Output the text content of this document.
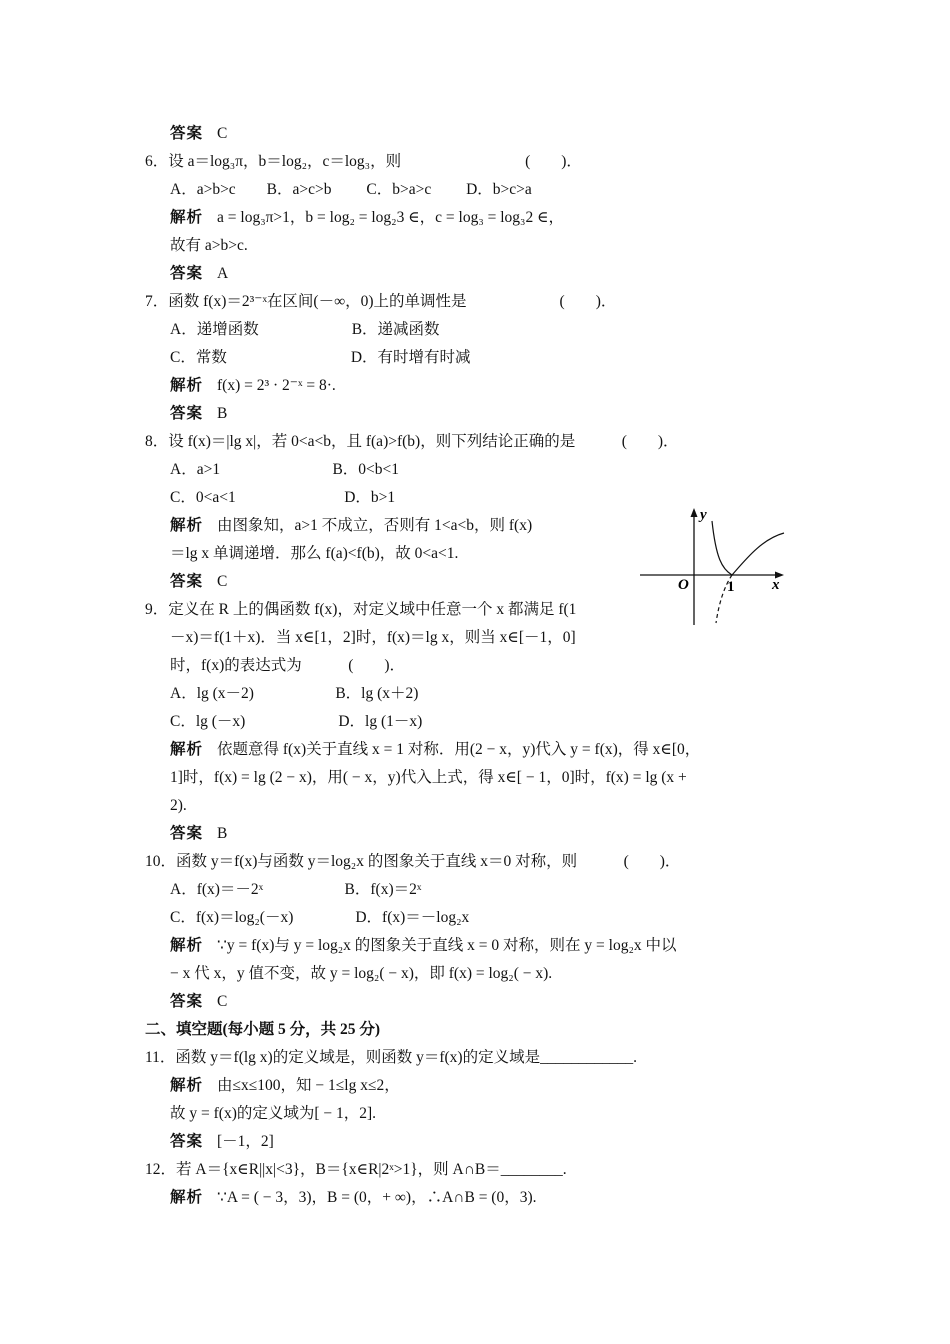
答案 C
6．设 a＝log₃π，b＝log₂，c＝log₃，则　　　　　　　　(　　)．
A．a>b>c　　B．a>c>b　　 C．b>a>c　　 D．b>c>a
解析 a = log₃π>1，b = log₂ = log₂3 ∈，c = log₃ = log₃2 ∈，
故有 a>b>c.
答案 A
7．函数 f(x)＝2³⁻ˣ在区间(－∞，0)上的单调性是　　　　　　(　　)．
A．递增函数　　　　　　B．递减函数
C．常数　　　　　　　　D．有时增有时减
解析 f(x) = 2³ · 2⁻ˣ = 8·.
答案 B
8．设 f(x)＝|lg x|，若 0<a<b，且 f(a)>f(b)，则下列结论正确的是　　　(　　)．
A．a>1　　　　　　　 B．0<b<1
C．0<a<1　　　　　　　D．b>1
解析 由图象知，a>1 不成立，否则有 1<a<b，则 f(x)
＝lg x 单调递增．那么 f(a)<f(b)，故 0<a<1.
答案 C
9．定义在 R 上的偶函数 f(x)，对定义域中任意一个 x 都满足 f(1
－x)＝f(1＋x)．当 x∈[1，2]时，f(x)＝lg x，则当 x∈[－1，0]
时，f(x)的表达式为　　　(　　)．
A．lg (x－2)　　　　　 B．lg (x＋2)
C．lg (－x)　　　　　　D．lg (1－x)
解析 依题意得 f(x)关于直线 x = 1 对称．用(2 − x，y)代入 y = f(x)，得 x∈[0，
1]时，f(x) = lg (2 − x)，用( − x，y)代入上式，得 x∈[ − 1，0]时，f(x) = lg (x +
2).
答案 B
10．函数 y＝f(x)与函数 y＝log₂x 的图象关于直线 x＝0 对称，则　　　(　　)．
A．f(x)＝－2ˣ　　　　　 B．f(x)＝2ˣ
C．f(x)＝log₂(－x)　　　　D．f(x)＝－log₂x
解析 ∵y = f(x)与 y = log₂x 的图象关于直线 x = 0 对称，则在 y = log₂x 中以
− x 代 x，y 值不变，故 y = log₂( − x)，即 f(x) = log₂( − x).
答案 C
二、填空题(每小题 5 分，共 25 分)
11．函数 y＝f(lg x)的定义域是，则函数 y＝f(x)的定义域是____________.
解析 由≤x≤100，知 − 1≤lg x≤2，
故 y = f(x)的定义域为[ − 1，2].
答案 [－1，2]
12．若 A＝{x∈R||x|<3}，B＝{x∈R|2ˣ>1}，则 A∩B＝________.
解析 ∵A = ( − 3，3)，B = (0，+ ∞)，∴A∩B = (0，3).
y
x
O	1
